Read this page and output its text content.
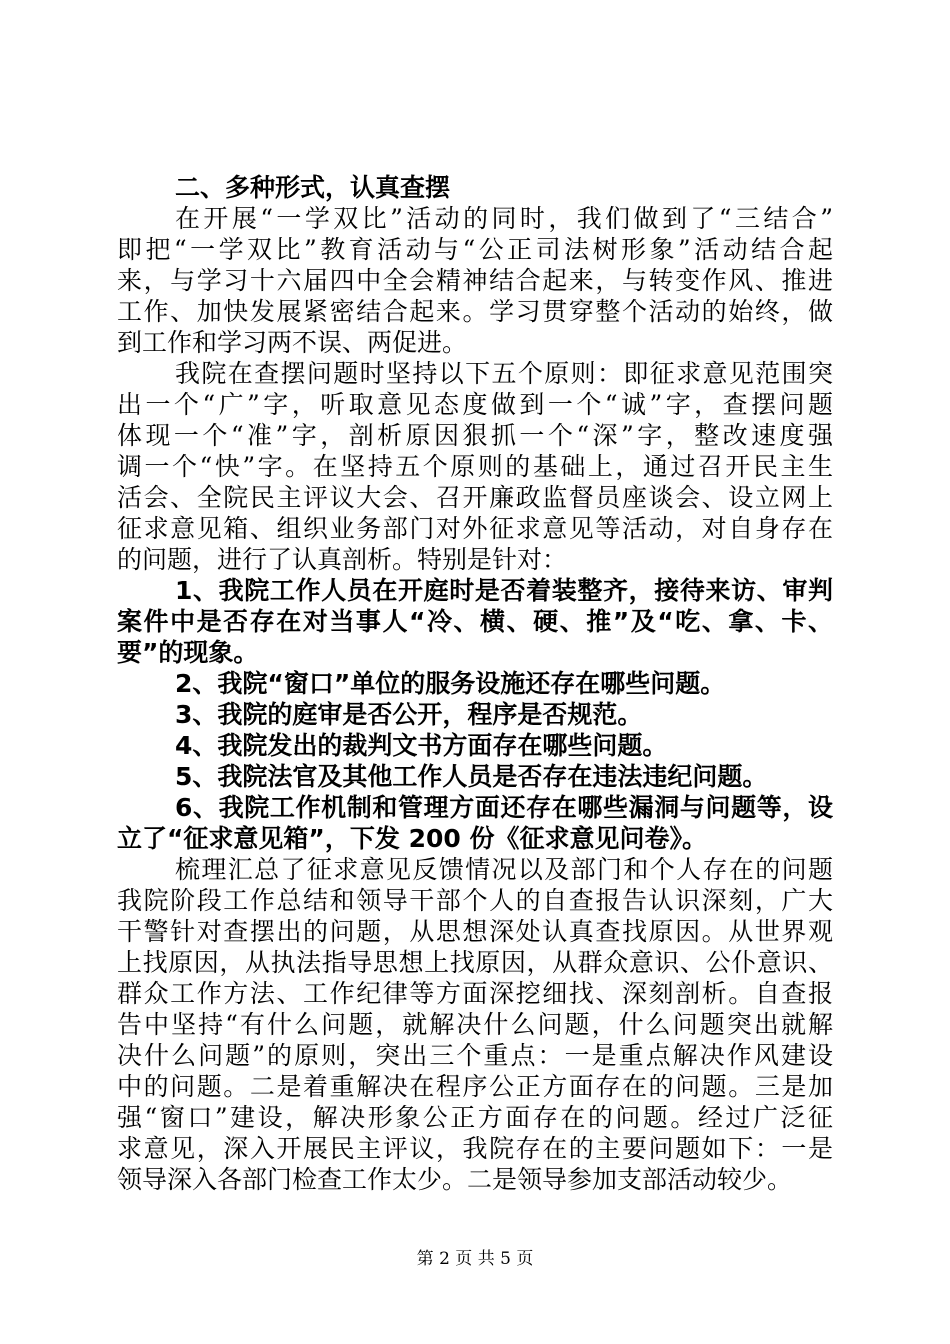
二、多种形式，认真查摆
在开展“一学双比”活动的同时，我们做到了“三结合”
即把“一学双比”教育活动与“公正司法树形象”活动结合起
来，与学习十六届四中全会精神结合起来，与转变作风、推进
工作、加快发展紧密结合起来。学习贯穿整个活动的始终，做
到工作和学习两不误、两促进。
我院在查摆问题时坚持以下五个原则：即征求意见范围突
出一个“广”字，听取意见态度做到一个“诚”字，查摆问题
体现一个“准”字，剖析原因狠抓一个“深”字，整改速度强
调一个“快”字。在坚持五个原则的基础上，通过召开民主生
活会、全院民主评议大会、召开廉政监督员座谈会、设立网上
征求意见箱、组织业务部门对外征求意见等活动，对自身存在
的问题，进行了认真剖析。特别是针对：
1、我院工作人员在开庭时是否着装整齐，接待来访、审判
案件中是否存在对当事人“冷、横、硬、推”及“吃、拿、卡、
要”的现象。
2、我院“窗口”单位的服务设施还存在哪些问题。
3、我院的庭审是否公开，程序是否规范。
4、我院发出的裁判文书方面存在哪些问题。
5、我院法官及其他工作人员是否存在违法违纪问题。
6、我院工作机制和管理方面还存在哪些漏洞与问题等，设
立了“征求意见箱”，下发 200 份《征求意见问卷》。
梳理汇总了征求意见反馈情况以及部门和个人存在的问题
我院阶段工作总结和领导干部个人的自查报告认识深刻，广大
干警针对查摆出的问题，从思想深处认真查找原因。从世界观
上找原因，从执法指导思想上找原因，从群众意识、公仆意识、
群众工作方法、工作纪律等方面深挖细找、深刻剖析。自查报
告中坚持“有什么问题，就解决什么问题，什么问题突出就解
决什么问题”的原则，突出三个重点：一是重点解决作风建设
中的问题。二是着重解决在程序公正方面存在的问题。三是加
强“窗口”建设，解决形象公正方面存在的问题。经过广泛征
求意见，深入开展民主评议，我院存在的主要问题如下：一是
领导深入各部门检查工作太少。二是领导参加支部活动较少。
第 2 页 共 5 页
